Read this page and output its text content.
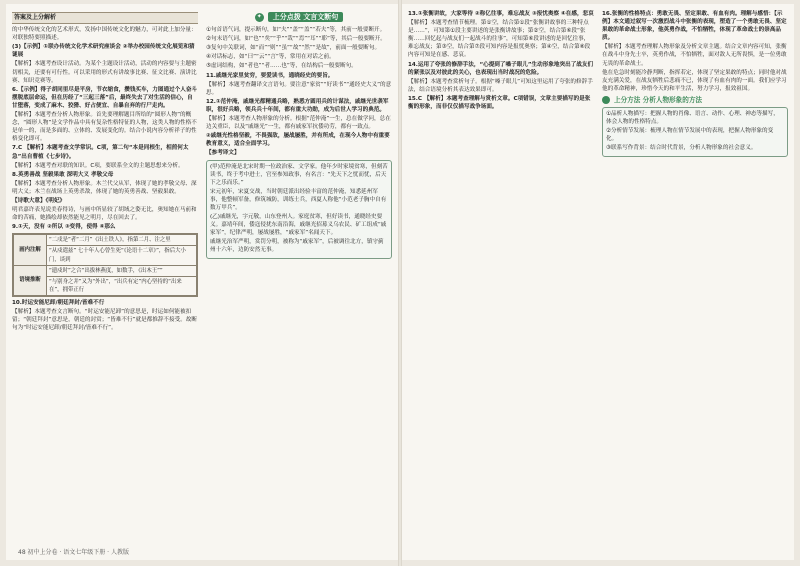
答案及上分解析

的中华传统文化的艺术形式，发扬中国传统文化的魅力，可对此上加分量：对联独特要照描述。

(3)【示例】①联办传统文化学术研究座谈会 ②举办校园传统文化展览和猜谜展

【解析】本题考查设计活动。为某个主题设计活动，活动的内容要与主题密切相关，还要有可行性。可以采用的形式有讲故事比赛、征文比赛、演讲比赛、知识竞赛等。

6.【示例】得子胡同里尽是平房，节衣缩食，攒钱买车，力图通过个人奋斗摆脱底层命运，但在历经了“三起三落”后，最终失去了对生活的信心，自甘堕落，变成了麻木、狡猾、好占便宜、自暴自弃的行尸走肉。

【解析】本题考查分析人物形象。首先要理解题目所给的“圆形人物”的概念，“圆形人物”是文学作品中具有复杂性格特征的人物，这类人物的性格不是单一的，而是多面的、立体的、发展变化的。结合小说内容分析祥子的性格变化即可。

7.C 【解析】本题考查文学常识。C项，第二句“本是同根生，相煎何太急”出自曹植《七步诗》。

【解析】本题考查对联的知识。C项，要联系全文的主题思想来分析。

8.英勇善战 坚毅果敢 深明大义 孝敬父母

【解析】本题考查分析人物形象。木兰代父从军，体现了她的孝敬父母、深明大义；木兰在战场上英勇杀敌，体现了她的英勇善战、坚毅果敢。

【诗歌大意】《明妃》

明君嘉许表见说美春得诗，与画中所显较了胡域之姿无比，奥知她在马前和命的苦痛，她描绘却依然能见之明月，尽在回去了。

9.①天，没有 ②所以 ③变得，使得 ④那么

画内注解	“二戌是”者“二月”《出土铁人》，指第二月、注之里
	“从戍遣兹” 七十年人心曾生死“《论语十二章》”，指后大小门，谈到
语境推断	“遗戍时”之合“出拔林燕度，如数手，《出木王””
	“与别身之并”又为“外出”，“出兵有定”内心坚持的“出来在”，拥带正行

10.时运安能尼卸/朝廷拜封/皆难不行

【解析】本题考查文言断句。“时运安能尼卸”的意思是，时运如何能被扣留；“朝廷拜封”意思是，朝廷的封赏；“皆难不行”就是都推辞不接受。故断句为“时运安能尼卸/朝廷拜封/皆难不行”。

✦	上分点拨 文言文断句

①句首语气词，提示断句，如“夫”“盖”“盖”“若夫”等，其前一般要断开。

②句末语气词，如“也”“矣”“乎”“哉”“焉”“耳”“耶”等，其后一般要断开。

③复句中关联词，如“而”“则”“虽”“故”“然”“是故”，前面一般要断句。

④对话标志，如“曰”“云”“言”等，常用在对话之前。

⑤虚词结构，如“者也”“者……也”等，在结构后一般要断句。

11.戚继光家里贫穷，要爱读书，通晓经史的要旨。

【解析】本题考查翻译文言语句。要注意“家贫”“好读书”“通经史大义”的意思。

12.①范仲淹，戚继光都精通兵略，熟悉方圆用兵的计谋法，戚继光世袭军职，很好兵略，领兵兵十年间，都有重大功勋，成为后世人学习的典范。

【解析】本题考查人物形象的分析。根据“范仲淹”一生，总在做学问，总在边关重臣，以及“戚继光”一生，都有戚家军抗倭功劳，都有一致点。

②戚继光性格坚毅，不畏强敌，屡战屡胜，并有所成，在现今人物中有重要教育意义，适合全面学习。

【参考译文】

(甲)范仲淹是北宋时期一位政治家、文学家。他年少时家境贫寒，但刻苦读书，终于考中进士，官至参知政事，有名言：“先天下之忧而忧，后天下之乐而乐。”

宋元初年，宋夏交战，当时朝廷派出经验丰富的范仲淹，知悉延州军事，他整顿军备，修筑城防，训练士兵，西夏人称他“小范老子胸中自有数万甲兵”。

(乙)戚继光，字元敬，山东登州人。家庭贫寒，但好读书，通晓经史要义。嘉靖年间，倭寇侵扰东南沿海，戚继光招募义乌农民、矿工组成“戚家军”，纪律严明，屡战屡胜，“戚家军”名闻天下。

戚继光治军严明，赏罚分明，被称为“戚家军”，后被调往北方，镇守蓟州十六年，边防安然无事。

48 初中上分卷 · 语文七年级下册 · 人教版

13.①张衡讲故，大家等待 ②称亿往事，难忘战友 ③报忧奥察 ④在感，悲哀

【解析】本题考查情节梳理。第①空，结合第①段“张衡讲故事的三种特点是……”，可知第①段主要讲述的是张衡讲故事；第②空，结合第⑥段“张衡……回忆起与战友们一起战斗的往事”，可知第⑥段讲述的是回忆往事，难忘战友；第③空，结合第⑦段可知内容是报忧奥察；第④空，结合第⑧段内容可知是在感、悲哀。

14.运用了夸张的修辞手法，“心提到了嗓子眼儿”生动形象地突出了战友们的紧张以及对彼此的关心，也表现出当时战况的危险。

【解析】本题考查赏析句子。根据“嗓子眼儿”可知这里运用了夸张的修辞手法，结合语境分析其表达效果即可。

15.C 【解析】本题考查理解与赏析文章。C项错误，文章主要描写的是张衡的形象，而非仅仅描写战争场面。

16.张衡的性格特点：勇敢无畏、坚定果敢、有血有肉。理解与感悟：【示例】本文通过叙写一次激烈战斗中张衡的表现，塑造了一个勇敢无畏、坚定果敢的革命战士形象，他英勇作战，不怕牺牲，体现了革命战士的崇高品质。

【解析】本题考查理解人物形象及分析文章主题。结合文章内容可知，张衡在战斗中身先士卒，英勇作战，不怕牺牲，面对敌人无所畏惧，是一位勇敢无畏的革命战士。

他在危急时刻能冷静判断，指挥若定，体现了坚定果敢的特点；同时他对战友充满关爱，在战友牺牲后悲痛不已，体现了有血有肉的一面。我们应学习他的革命精神，珍惜今天的和平生活，努力学习，报效祖国。

上分方法 分析人物形象的方法

①品析人物描写：把握人物的肖像、语言、动作、心理、神态等描写，体会人物的性格特点。

②分析情节发展：梳理人物在情节发展中的表现，把握人物形象的变化。

③联系写作背景：结合时代背景，分析人物形象的社会意义。
